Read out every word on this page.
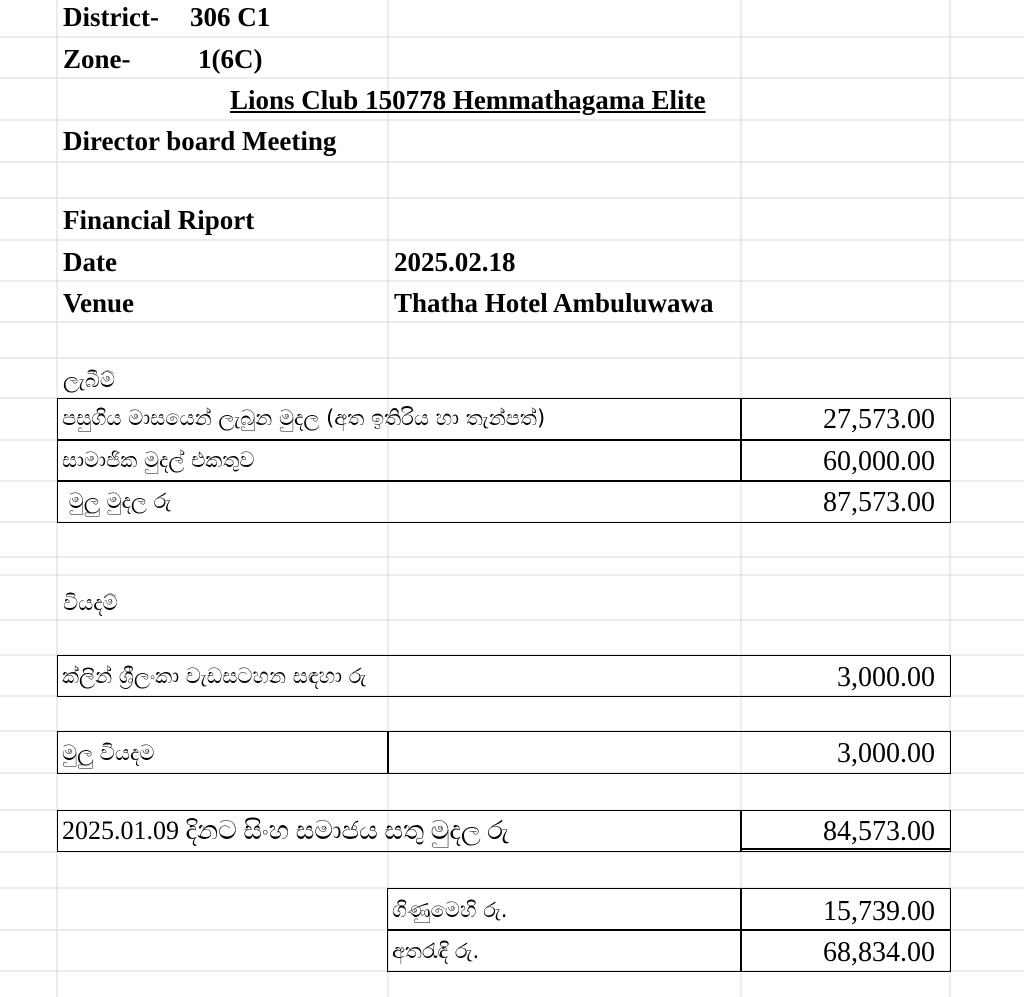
District- 306 C1
Zone-	1(6C)
Lions Club 150778 Hemmathagama Elite
Director board Meeting
Financial Riport
Date	2025.02.18
Venue	Thatha Hotel Ambuluwawa
ලැබීම්
පසුගිය මාසයෙන් ලැබුන මුදල (අත ඉතිරිය හා තැන්පත්)	27,573.00
සාමාජික මුදල් එකතුව	60,000.00
මුලු මුදල රු	87,573.00
වියදම්
ක්ලින් ශ්‍රීලංකා වැඩසටහන සඳහා රු	3,000.00
මුලු වියදම	3,000.00
2025.01.09 දිනට සිංහ සමාජය සතු මුදල රු	84,573.00
ගිණුමෙහි රු.	15,739.00
අතරැඳි රු.	68,834.00
